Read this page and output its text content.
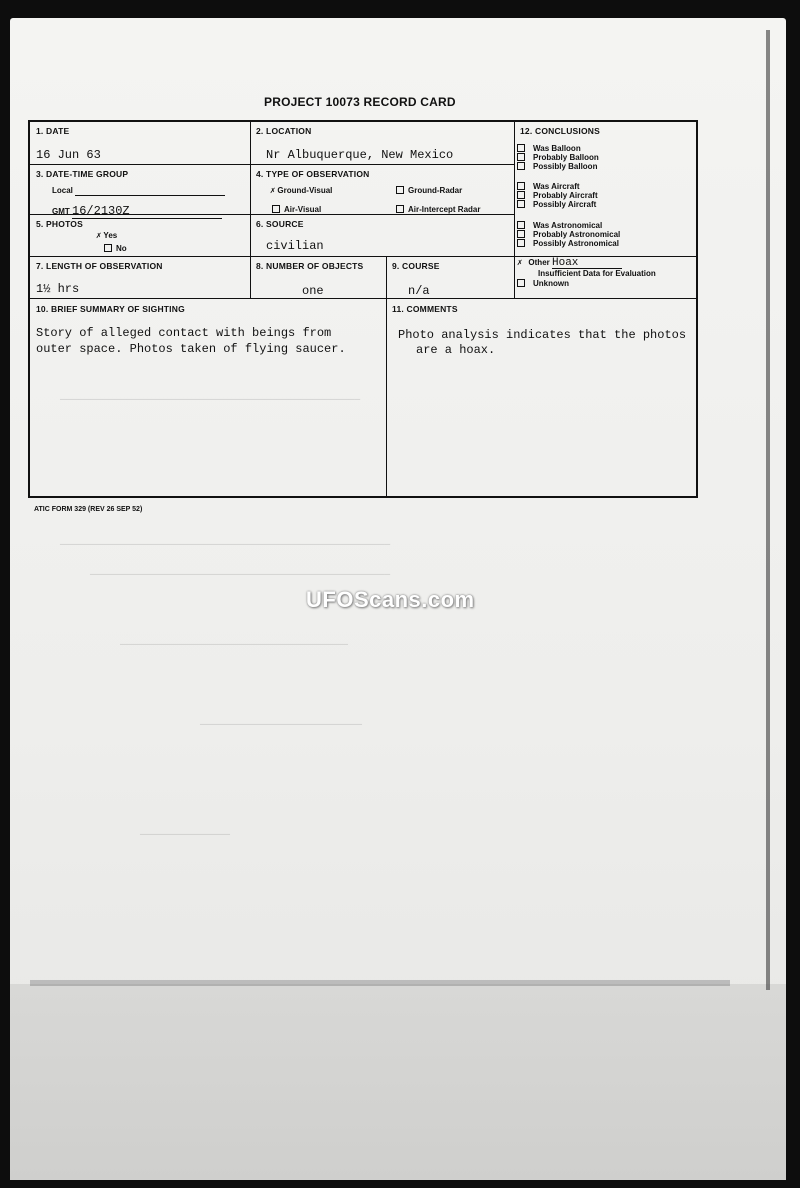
——————————————————————————————————————————————————
———————————————————————————————————————————————————————
——————————————————————————————————————————————————
——————————————————————————————————————
———————————————————————————
———————————————
PROJECT 10073 RECORD CARD
1. DATE
16 Jun 63
2. LOCATION
Nr Albuquerque, New Mexico
3. DATE-TIME GROUP
Local
GMT 16/2130Z
4. TYPE OF OBSERVATION
✗ Ground-Visual	Ground-Radar
Air-Visual	Air-Intercept Radar
5. PHOTOS
✗ Yes
No
6. SOURCE
civilian
7. LENGTH OF OBSERVATION
1½ hrs
8. NUMBER OF OBJECTS
one
9. COURSE
n/a
10. BRIEF SUMMARY OF SIGHTING
Story of alleged contact with beings from
outer space. Photos taken of flying saucer.
11. COMMENTS
Photo analysis indicates that the photos
are a hoax.
12. CONCLUSIONS
Was Balloon
Probably Balloon
Possibly Balloon
Was Aircraft
Probably Aircraft
Possibly Aircraft
Was Astronomical
Probably Astronomical
Possibly Astronomical
✗ Other Hoax
Insufficient Data for Evaluation
Unknown
ATIC FORM 329 (REV 26 SEP 52)
UFOScans.com
